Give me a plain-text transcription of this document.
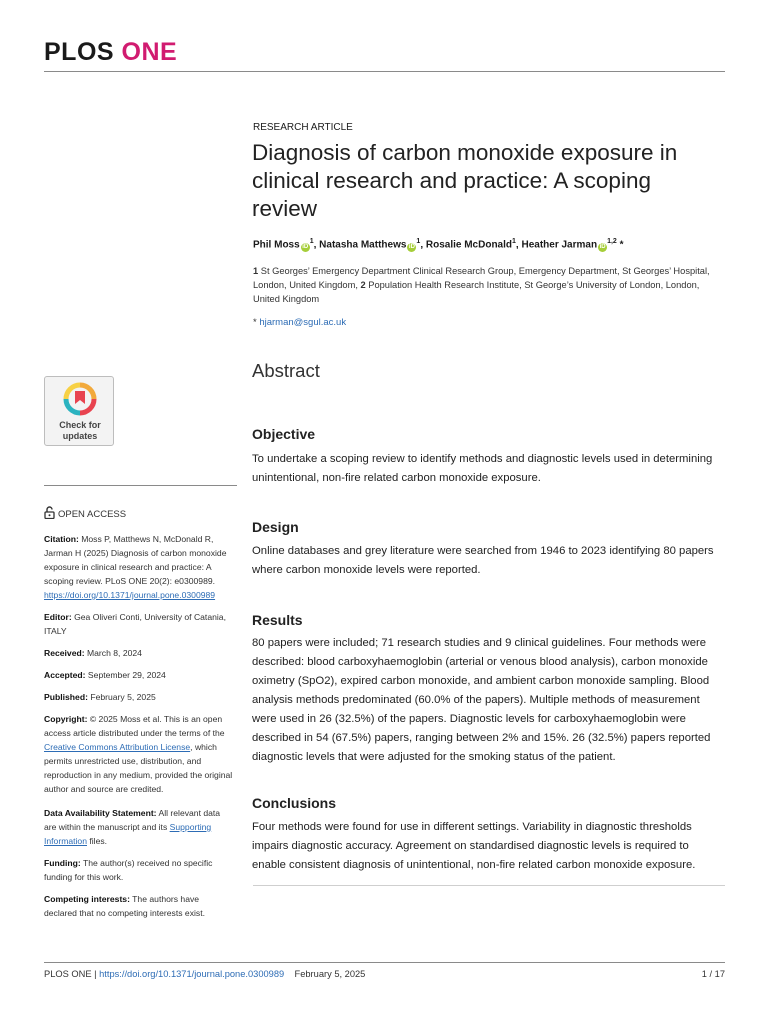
PLOS ONE
RESEARCH ARTICLE
Diagnosis of carbon monoxide exposure in clinical research and practice: A scoping review
Phil Moss $iD^1$, Natasha Matthews $iD^1$, Rosalie McDonald$^1$, Heather Jarman iD$^{1,2}$ *
1 St Georges’ Emergency Department Clinical Research Group, Emergency Department, St Georges’ Hospital, London, United Kingdom, 2 Population Health Research Institute, St George’s University of London, London, United Kingdom
* hjarman@sgul.ac.uk
Abstract
Objective
To undertake a scoping review to identify methods and diagnostic levels used in determining unintentional, non-fire related carbon monoxide exposure.
Design
Online databases and grey literature were searched from 1946 to 2023 identifying 80 papers where carbon monoxide levels were reported.
Results
80 papers were included; 71 research studies and 9 clinical guidelines. Four methods were described: blood carboxyhaemoglobin (arterial or venous blood analysis), carbon monoxide oximetry (SpO2), expired carbon monoxide, and ambient carbon monoxide sampling. Blood analysis methods predominated (60.0% of the papers). Multiple methods of measurement were used in 26 (32.5%) of the papers. Diagnostic levels for carboxyhaemoglobin were described in 54 (67.5%) papers, ranging between 2% and 15%. 26 (32.5%) papers reported diagnostic levels that were adjusted for the smoking status of the patient.
Conclusions
Four methods were found for use in different settings. Variability in diagnostic thresholds impairs diagnostic accuracy. Agreement on standardised diagnostic levels is required to enable consistent diagnosis of unintentional, non-fire related carbon monoxide exposure.
Check for updates
OPEN ACCESS
Citation: Moss P, Matthews N, McDonald R, Jarman H (2025) Diagnosis of carbon monoxide exposure in clinical research and practice: A scoping review. PLoS ONE 20(2): e0300989. https://doi.org/10.1371/journal.pone.0300989
Editor: Gea Oliveri Conti, University of Catania, ITALY
Received: March 8, 2024
Accepted: September 29, 2024
Published: February 5, 2025
Copyright: © 2025 Moss et al. This is an open access article distributed under the terms of the Creative Commons Attribution License, which permits unrestricted use, distribution, and reproduction in any medium, provided the original author and source are credited.
Data Availability Statement: All relevant data are within the manuscript and its Supporting Information files.
Funding: The author(s) received no specific funding for this work.
Competing interests: The authors have declared that no competing interests exist.
PLOS ONE | https://doi.org/10.1371/journal.pone.0300989 February 5, 2025	1 / 17
